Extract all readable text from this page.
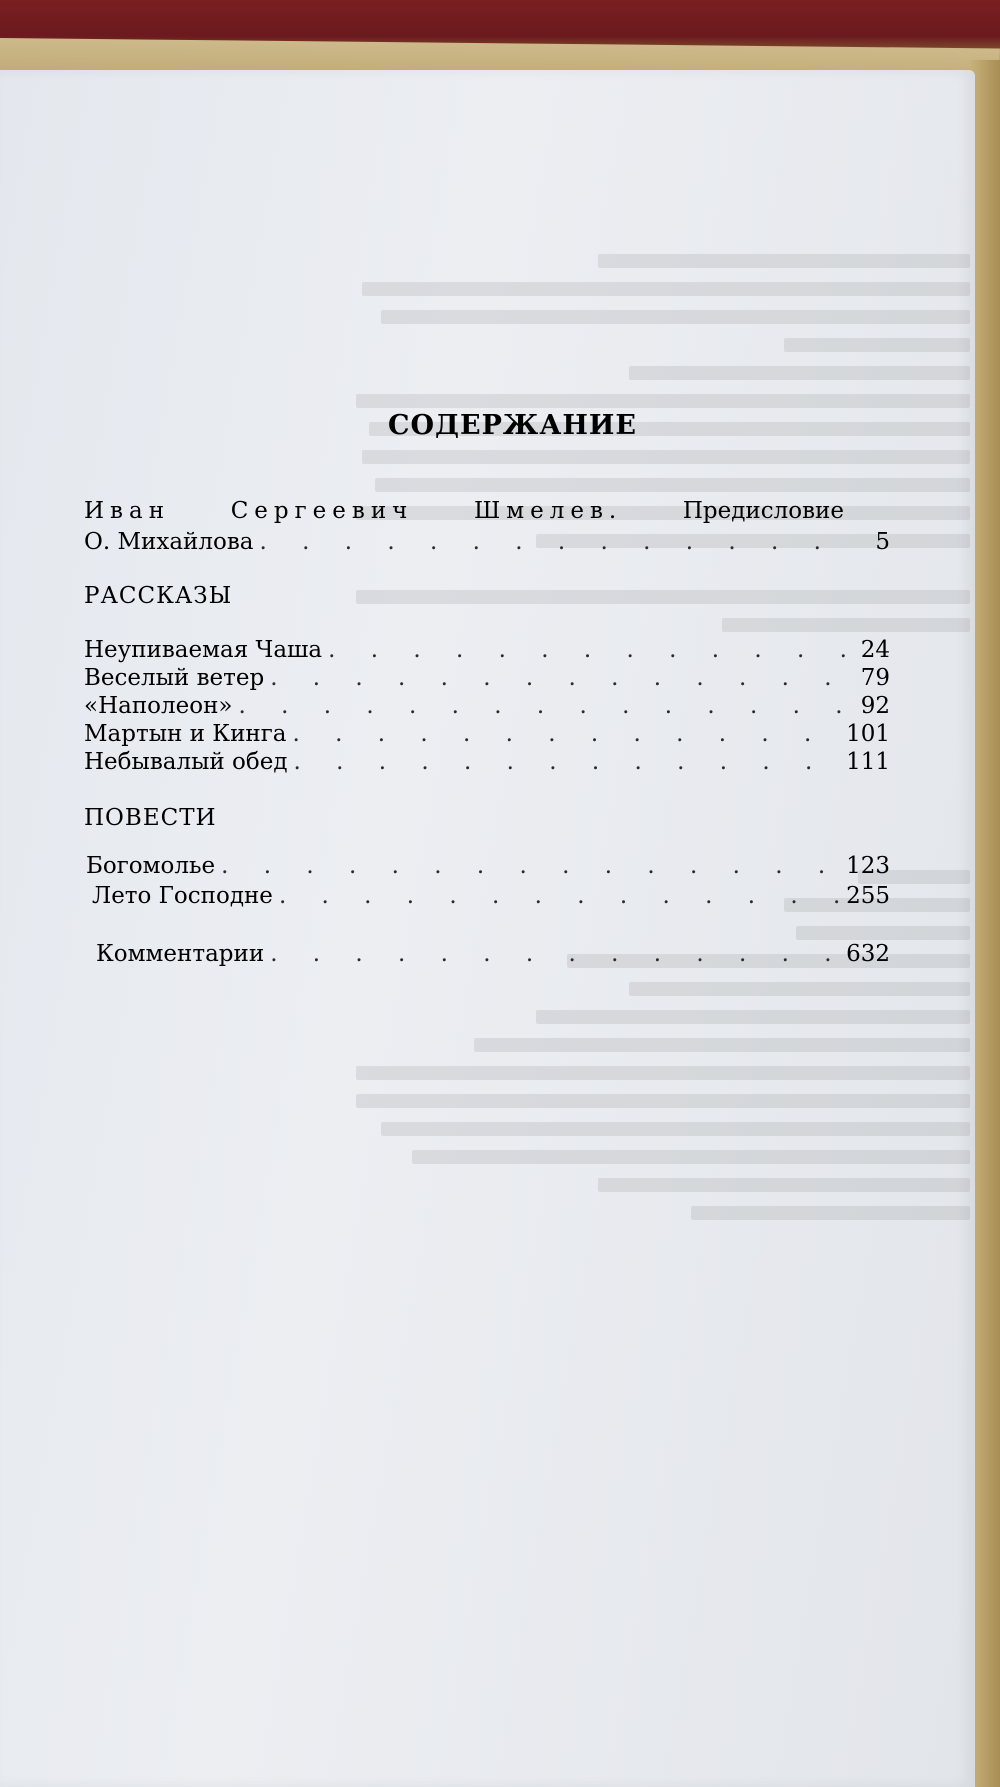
СОДЕРЖАНИЕ
Иван	Сергеевич	Шмелев.	Предисловие
О. Михайлова . . .	5
РАССКАЗЫ
Неупиваемая Чаша . . .	24
Веселый ветер . . .	79
«Наполеон» . . .	92
Мартын и Кинга . . .	101
Небывалый обед . . .	111
ПОВЕСТИ
Богомолье . . .	123
Лето Господне . . .	255
Комментарии . . .	632
